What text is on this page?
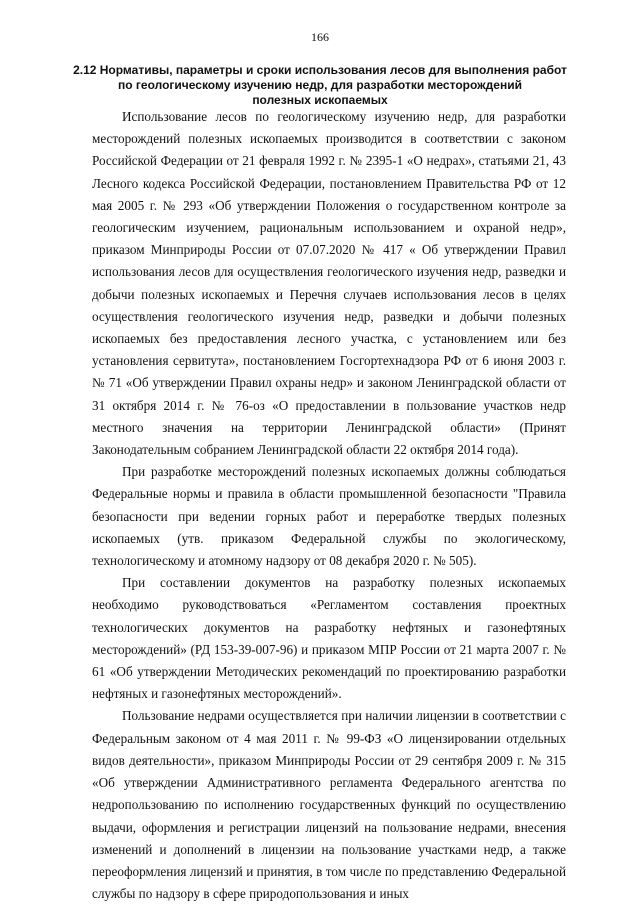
166
2.12 Нормативы, параметры и сроки использования лесов для выполнения работ
по геологическому изучению недр, для разработки месторождений
полезных ископаемых

Использование лесов по геологическому изучению недр, для разработки месторождений полезных ископаемых производится в соответствии с законом Российской Федерации от 21 февраля 1992 г. № 2395-1 «О недрах», статьями 21, 43 Лесного кодекса Российской Федерации, постановлением Правительства РФ от 12 мая 2005 г. № 293 «Об утверждении Положения о государственном контроле за геологическим изучением, рациональным использованием и охраной недр», приказом Минприроды России от 07.07.2020 № 417 « Об утверждении Правил использования лесов для осуществления геологического изучения недр, разведки и добычи полезных ископаемых и Перечня случаев использования лесов в целях осуществления геологического изучения недр, разведки и добычи полезных ископаемых без предоставления лесного участка, с установлением или без установления сервитута», постановлением Госгортехнадзора РФ от 6 июня 2003 г. № 71 «Об утверждении Правил охраны недр» и законом Ленинградской области от 31 октября 2014 г. № 76-оз «О предоставлении в пользование участков недр местного значения на территории Ленинградской области» (Принят Законодательным собранием Ленинградской области 22 октября 2014 года).

При разработке месторождений полезных ископаемых должны соблюдаться Федеральные нормы и правила в области промышленной безопасности "Правила безопасности при ведении горных работ и переработке твердых полезных ископаемых (утв. приказом Федеральной службы по экологическому, технологическому и атомному надзору от 08 декабря 2020 г. № 505).

При составлении документов на разработку полезных ископаемых необходимо руководствоваться «Регламентом составления проектных технологических документов на разработку нефтяных и газонефтяных месторождений» (РД 153-39-007-96) и приказом МПР России от 21 марта 2007 г. № 61 «Об утверждении Методических рекомендаций по проектированию разработки нефтяных и газонефтяных месторождений».

Пользование недрами осуществляется при наличии лицензии в соответствии с Федеральным законом от 4 мая 2011 г. № 99-ФЗ «О лицензировании отдельных видов деятельности», приказом Минприроды России от 29 сентября 2009 г. № 315 «Об утверждении Административного регламента Федерального агентства по недропользованию по исполнению государственных функций по осуществлению выдачи, оформления и регистрации лицензий на пользование недрами, внесения изменений и дополнений в лицензии на пользование участками недр, а также переоформления лицензий и принятия, в том числе по представлению Федеральной службы по надзору в сфере природопользования и иных
